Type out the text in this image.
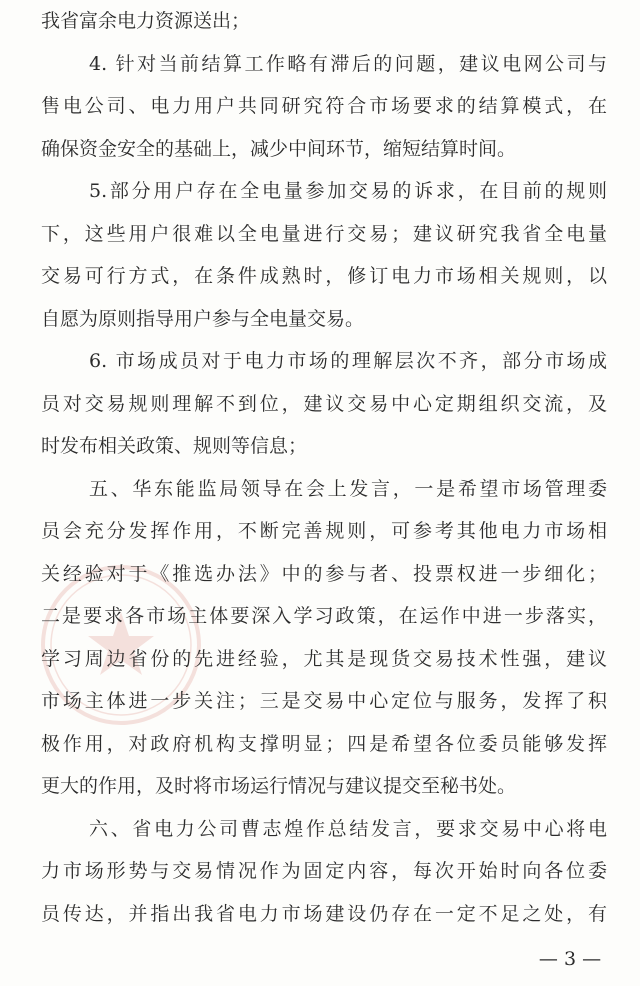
我省富余电力资源送出；
4. 针对当前结算工作略有滞后的问题，建议电网公司与
售电公司、电力用户共同研究符合市场要求的结算模式，在
确保资金安全的基础上，减少中间环节，缩短结算时间。
5.部分用户存在全电量参加交易的诉求，在目前的规则
下，这些用户很难以全电量进行交易；建议研究我省全电量
交易可行方式，在条件成熟时，修订电力市场相关规则，以
自愿为原则指导用户参与全电量交易。
6. 市场成员对于电力市场的理解层次不齐，部分市场成
员对交易规则理解不到位，建议交易中心定期组织交流，及
时发布相关政策、规则等信息；
五、华东能监局领导在会上发言，一是希望市场管理委
员会充分发挥作用，不断完善规则，可参考其他电力市场相
关经验对于《推选办法》中的参与者、投票权进一步细化；
二是要求各市场主体要深入学习政策，在运作中进一步落实，
学习周边省份的先进经验，尤其是现货交易技术性强，建议
市场主体进一步关注；三是交易中心定位与服务，发挥了积
极作用，对政府机构支撑明显；四是希望各位委员能够发挥
更大的作用，及时将市场运行情况与建议提交至秘书处。
六、省电力公司曹志煌作总结发言，要求交易中心将电
力市场形势与交易情况作为固定内容，每次开始时向各位委
员传达，并指出我省电力市场建设仍存在一定不足之处，有
— 3 —
